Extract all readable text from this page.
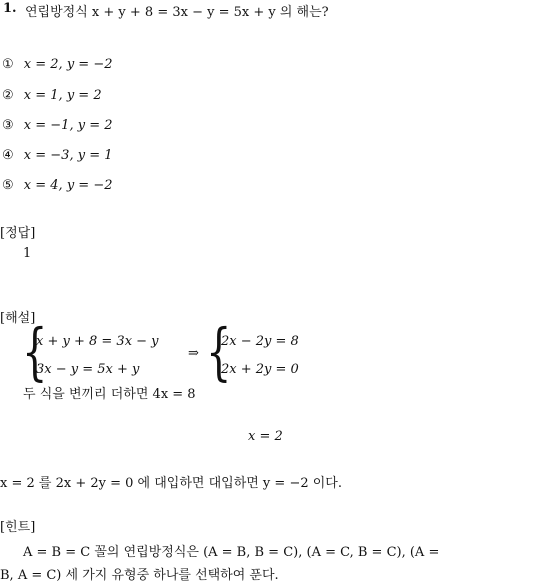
1. 연립방정식 x + y + 8 = 3x − y = 5x + y 의 해는?
① x = 2, y = −2
② x = 1, y = 2
③ x = −1, y = 2
④ x = −3, y = 1
⑤ x = 4, y = −2
[정답]
1
[해설]
{
x + y + 8 = 3x − y
3x − y = 5x + y
⇒ {
2x − 2y = 8
2x + 2y = 0
두 식을 변끼리 더하면 4x = 8
x = 2
x = 2 를 2x + 2y = 0 에 대입하면 대입하면 y = −2 이다.
[힌트]
A = B = C 꼴의 연립방정식은 (A = B, B = C), (A = C, B = C), (A =
B, A = C) 세 가지 유형중 하나를 선택하여 푼다.
